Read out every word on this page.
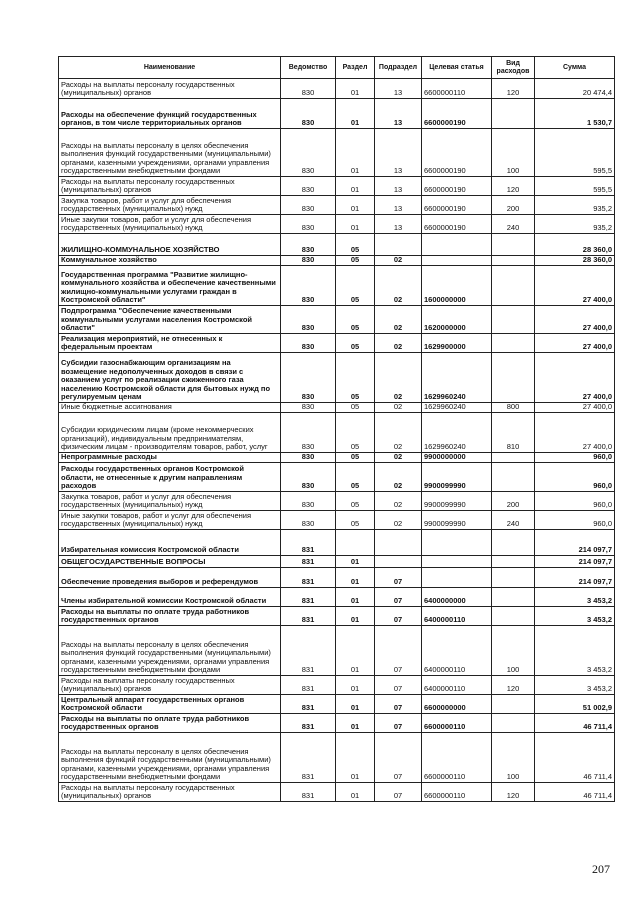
Наименование	Ведомство	Раздел	Подраздел	Целевая статья	Вид расходов	Сумма
Расходы на выплаты персоналу государственных (муниципальных) органов	830	01	13	6600000110	120	20 474,4
Расходы на обеспечение функций государственных органов, в том числе территориальных органов	830	01	13	6600000190		1 530,7
Расходы на выплаты персоналу в целях обеспечения выполнения функций государственными (муниципальными) органами, казенными учреждениями, органами управления государственными внебюджетными фондами	830	01	13	6600000190	100	595,5
Расходы на выплаты персоналу государственных (муниципальных) органов	830	01	13	6600000190	120	595,5
Закупка товаров, работ и услуг для обеспечения государственных (муниципальных) нужд	830	01	13	6600000190	200	935,2
Иные закупки товаров, работ и услуг для обеспечения государственных (муниципальных) нужд	830	01	13	6600000190	240	935,2
ЖИЛИЩНО-КОММУНАЛЬНОЕ ХОЗЯЙСТВО	830	05				28 360,0
Коммунальное хозяйство	830	05	02			28 360,0
Государственная программа "Развитие жилищно-коммунального хозяйства и обеспечение качественными жилищно-коммунальными услугами граждан в Костромской области"	830	05	02	1600000000		27 400,0
Подпрограмма "Обеспечение качественными коммунальными услугами населения Костромской области"	830	05	02	1620000000		27 400,0
Реализация мероприятий, не отнесенных к федеральным проектам	830	05	02	1629900000		27 400,0
Субсидии газоснабжающим организациям на возмещение недополученных доходов в связи с оказанием услуг по реализации сжиженного газа населению Костромской области для бытовых нужд по регулируемым ценам	830	05	02	1629960240		27 400,0
Иные бюджетные ассигнования	830	05	02	1629960240	800	27 400,0
Субсидии юридическим лицам (кроме некоммерческих организаций), индивидуальным предпринимателям, физическим лицам - производителям товаров, работ, услуг	830	05	02	1629960240	810	27 400,0
Непрограммные расходы	830	05	02	9900000000		960,0
Расходы государственных органов Костромской области, не отнесенные к другим направлениям расходов	830	05	02	9900099990		960,0
Закупка товаров, работ и услуг для обеспечения государственных (муниципальных) нужд	830	05	02	9900099990	200	960,0
Иные закупки товаров, работ и услуг для обеспечения государственных (муниципальных) нужд	830	05	02	9900099990	240	960,0
Избирательная комиссия Костромской области	831					214 097,7
ОБЩЕГОСУДАРСТВЕННЫЕ ВОПРОСЫ	831	01				214 097,7
Обеспечение проведения выборов и референдумов	831	01	07			214 097,7
Члены избирательной комиссии Костромской области	831	01	07	6400000000		3 453,2
Расходы на выплаты по оплате труда работников государственных органов	831	01	07	6400000110		3 453,2
Расходы на выплаты персоналу в целях обеспечения выполнения функций государственными (муниципальными) органами, казенными учреждениями, органами управления государственными внебюджетными фондами	831	01	07	6400000110	100	3 453,2
Расходы на выплаты персоналу государственных (муниципальных) органов	831	01	07	6400000110	120	3 453,2
Центральный аппарат государственных органов Костромской области	831	01	07	6600000000		51 002,9
Расходы на выплаты по оплате труда работников государственных органов	831	01	07	6600000110		46 711,4
Расходы на выплаты персоналу в целях обеспечения выполнения функций государственными (муниципальными) органами, казенными учреждениями, органами управления государственными внебюджетными фондами	831	01	07	6600000110	100	46 711,4
Расходы на выплаты персоналу государственных (муниципальных) органов	831	01	07	6600000110	120	46 711,4
207
